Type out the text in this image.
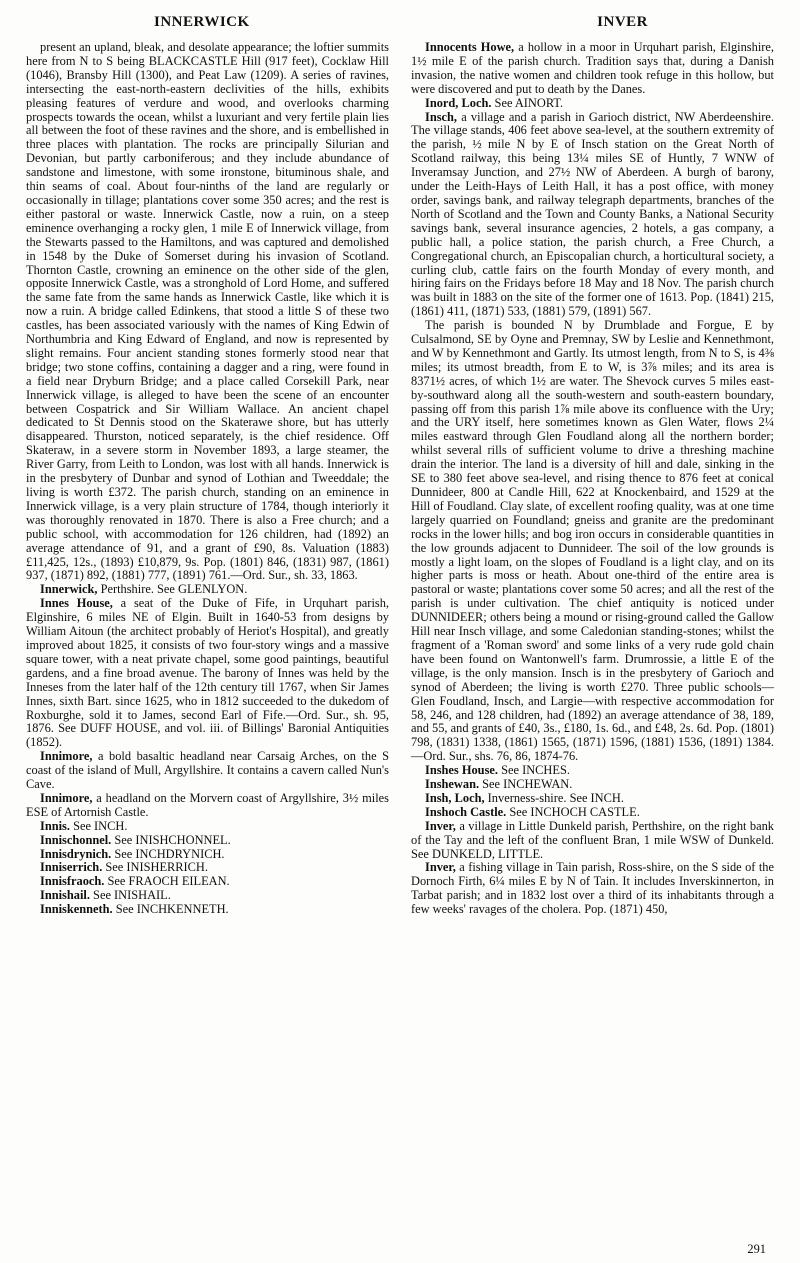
INNERWICK	INVER

present an upland, bleak, and desolate appearance; the loftier summits here from N to S being BLACKCASTLE Hill (917 feet), Cocklaw Hill (1046), Bransby Hill (1300), and Peat Law (1209). A series of ravines, intersecting the east-north-eastern declivities of the hills, exhibits pleasing features of verdure and wood, and overlooks charming prospects towards the ocean, whilst a luxuriant and very fertile plain lies all between the foot of these ravines and the shore, and is embellished in three places with plantation. The rocks are principally Silurian and Devonian, but partly carboniferous; and they include abundance of sandstone and limestone, with some ironstone, bituminous shale, and thin seams of coal. About four-ninths of the land are regularly or occasionally in tillage; plantations cover some 350 acres; and the rest is either pastoral or waste. Innerwick Castle, now a ruin, on a steep eminence overhanging a rocky glen, 1 mile E of Innerwick village, from the Stewarts passed to the Hamiltons, and was captured and demolished in 1548 by the Duke of Somerset during his invasion of Scotland. Thornton Castle, crowning an eminence on the other side of the glen, opposite Innerwick Castle, was a stronghold of Lord Home, and suffered the same fate from the same hands as Innerwick Castle, like which it is now a ruin. A bridge called Edinkens, that stood a little S of these two castles, has been associated variously with the names of King Edwin of Northumbria and King Edward of England, and now is represented by slight remains. Four ancient standing stones formerly stood near that bridge; two stone coffins, containing a dagger and a ring, were found in a field near Dryburn Bridge; and a place called Corsekill Park, near Innerwick village, is alleged to have been the scene of an encounter between Cospatrick and Sir William Wallace. An ancient chapel dedicated to St Dennis stood on the Skaterawe shore, but has utterly disappeared. Thurston, noticed separately, is the chief residence. Off Skateraw, in a severe storm in November 1893, a large steamer, the River Garry, from Leith to London, was lost with all hands. Innerwick is in the presbytery of Dunbar and synod of Lothian and Tweeddale; the living is worth £372. The parish church, standing on an eminence in Innerwick village, is a very plain structure of 1784, though interiorly it was thoroughly renovated in 1870. There is also a Free church; and a public school, with accommodation for 126 children, had (1892) an average attendance of 91, and a grant of £90, 8s. Valuation (1883) £11,425, 12s., (1893) £10,879, 9s. Pop. (1801) 846, (1831) 987, (1861) 937, (1871) 892, (1881) 777, (1891) 761.—Ord. Sur., sh. 33, 1863.

Innerwick, Perthshire. See GLENLYON.

Innes House, a seat of the Duke of Fife, in Urquhart parish, Elginshire, 6 miles NE of Elgin. Built in 1640-53 from designs by William Aitoun (the architect probably of Heriot's Hospital), and greatly improved about 1825, it consists of two four-story wings and a massive square tower, with a neat private chapel, some good paintings, beautiful gardens, and a fine broad avenue. The barony of Innes was held by the Inneses from the later half of the 12th century till 1767, when Sir James Innes, sixth Bart. since 1625, who in 1812 succeeded to the dukedom of Roxburghe, sold it to James, second Earl of Fife.—Ord. Sur., sh. 95, 1876. See DUFF HOUSE, and vol. iii. of Billings' Baronial Antiquities (1852).

Innimore, a bold basaltic headland near Carsaig Arches, on the S coast of the island of Mull, Argyllshire. It contains a cavern called Nun's Cave.

Innimore, a headland on the Morvern coast of Argyllshire, 3½ miles ESE of Artornish Castle.

Innis. See INCH.

Innischonnel. See INISHCHONNEL.

Innisdrynich. See INCHDRYNICH.

Inniserrich. See INISHERRICH.

Innisfraoch. See FRAOCH EILEAN.

Innishail. See INISHAIL.

Inniskenneth. See INCHKENNETH.

Innocents Howe, a hollow in a moor in Urquhart parish, Elginshire, 1½ mile E of the parish church. Tradition says that, during a Danish invasion, the native women and children took refuge in this hollow, but were discovered and put to death by the Danes.

Inord, Loch. See AINORT.

Insch, a village and a parish in Garioch district, NW Aberdeenshire. The village stands, 406 feet above sea-level, at the southern extremity of the parish, ½ mile N by E of Insch station on the Great North of Scotland railway, this being 13¼ miles SE of Huntly, 7 WNW of Inveramsay Junction, and 27½ NW of Aberdeen. A burgh of barony, under the Leith-Hays of Leith Hall, it has a post office, with money order, savings bank, and railway telegraph departments, branches of the North of Scotland and the Town and County Banks, a National Security savings bank, several insurance agencies, 2 hotels, a gas company, a public hall, a police station, the parish church, a Free Church, a Congregational church, an Episcopalian church, a horticultural society, a curling club, cattle fairs on the fourth Monday of every month, and hiring fairs on the Fridays before 18 May and 18 Nov. The parish church was built in 1883 on the site of the former one of 1613. Pop. (1841) 215, (1861) 411, (1871) 533, (1881) 579, (1891) 567.

The parish is bounded N by Drumblade and Forgue, E by Culsalmond, SE by Oyne and Premnay, SW by Leslie and Kennethmont, and W by Kennethmont and Gartly. Its utmost length, from N to S, is 4⅜ miles; its utmost breadth, from E to W, is 3⅞ miles; and its area is 8371½ acres, of which 1½ are water. The Shevock curves 5 miles east-by-southward along all the south-western and south-eastern boundary, passing off from this parish 1⅞ mile above its confluence with the Ury; and the URY itself, here sometimes known as Glen Water, flows 2¼ miles eastward through Glen Foudland along all the northern border; whilst several rills of sufficient volume to drive a threshing machine drain the interior. The land is a diversity of hill and dale, sinking in the SE to 380 feet above sea-level, and rising thence to 876 feet at conical Dunnideer, 800 at Candle Hill, 622 at Knockenbaird, and 1529 at the Hill of Foudland. Clay slate, of excellent roofing quality, was at one time largely quarried on Foundland; gneiss and granite are the predominant rocks in the lower hills; and bog iron occurs in considerable quantities in the low grounds adjacent to Dunnideer. The soil of the low grounds is mostly a light loam, on the slopes of Foudland is a light clay, and on its higher parts is moss or heath. About one-third of the entire area is pastoral or waste; plantations cover some 50 acres; and all the rest of the parish is under cultivation. The chief antiquity is noticed under DUNNIDEER; others being a mound or rising-ground called the Gallow Hill near Insch village, and some Caledonian standing-stones; whilst the fragment of a 'Roman sword' and some links of a very rude gold chain have been found on Wantonwell's farm. Drumrossie, a little E of the village, is the only mansion. Insch is in the presbytery of Garioch and synod of Aberdeen; the living is worth £270. Three public schools—Glen Foudland, Insch, and Largie—with respective accommodation for 58, 246, and 128 children, had (1892) an average attendance of 38, 189, and 55, and grants of £40, 3s., £180, 1s. 6d., and £48, 2s. 6d. Pop. (1801) 798, (1831) 1338, (1861) 1565, (1871) 1596, (1881) 1536, (1891) 1384.—Ord. Sur., shs. 76, 86, 1874-76.

Inshes House. See INCHES.

Inshewan. See INCHEWAN.

Insh, Loch, Inverness-shire. See INCH.

Inshoch Castle. See INCHOCH CASTLE.

Inver, a village in Little Dunkeld parish, Perthshire, on the right bank of the Tay and the left of the confluent Bran, 1 mile WSW of Dunkeld. See DUNKELD, LITTLE.

Inver, a fishing village in Tain parish, Ross-shire, on the S side of the Dornoch Firth, 6¼ miles E by N of Tain. It includes Inverskinnerton, in Tarbat parish; and in 1832 lost over a third of its inhabitants through a few weeks' ravages of the cholera. Pop. (1871) 450,

291
